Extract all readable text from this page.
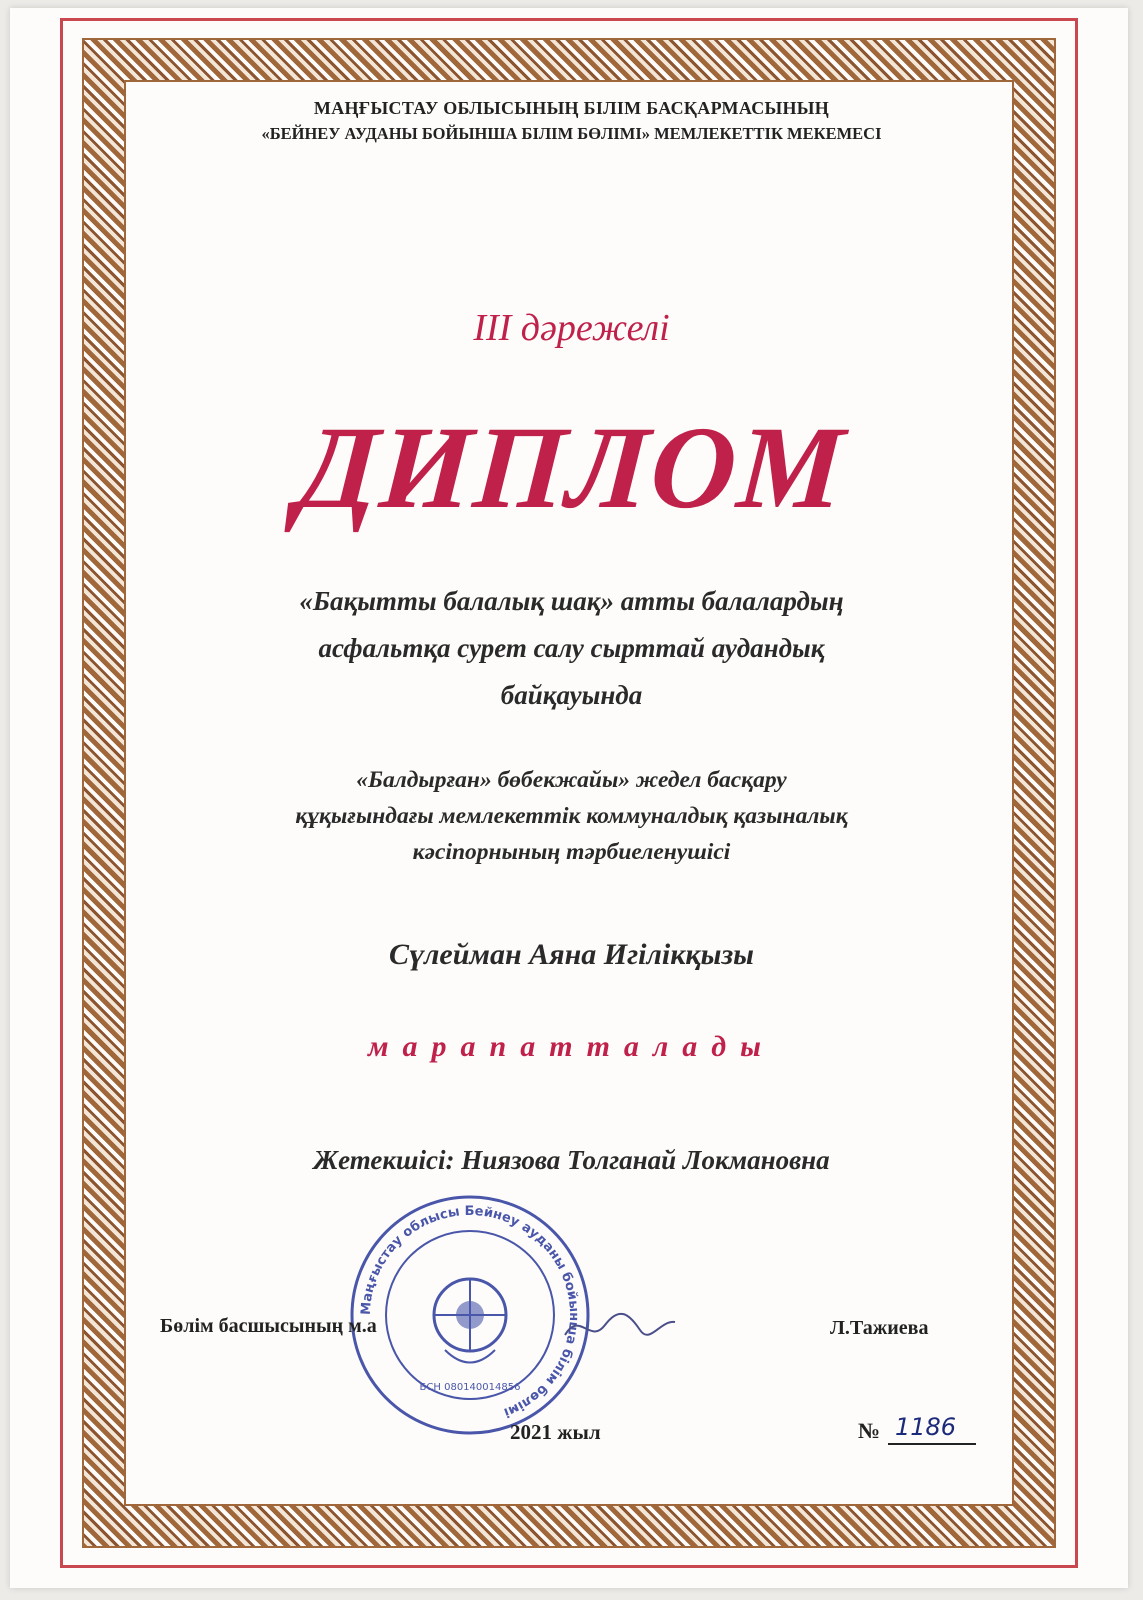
МАҢҒЫСТАУ ОБЛЫСЫНЫҢ БІЛІМ БАСҚАРМАСЫНЫҢ
«БЕЙНЕУ АУДАНЫ БОЙЫНША БІЛІМ БӨЛІМІ» МЕМЛЕКЕТТІК МЕКЕМЕСІ
III дәрежелі
ДИПЛОМ
«Бақытты балалық шақ» атты балалардың
асфальтқа сурет салу сырттай аудандық
байқауында
«Балдырған» бөбекжайы» жедел басқару
құқығындағы мемлекеттік коммуналдық қазыналық
кәсіпорнының тәрбиеленушісі
Сүлейман Аяна Игілікқызы
марапатталады
Жетекшісі: Ниязова Толганай Локмановна
Маңғыстау облысы Бейнеу ауданы бойынша білім бөлімі
БСН 080140014856
Бөлім басшысының м.а	Л.Тажиева
2021 жыл	№ 1186
